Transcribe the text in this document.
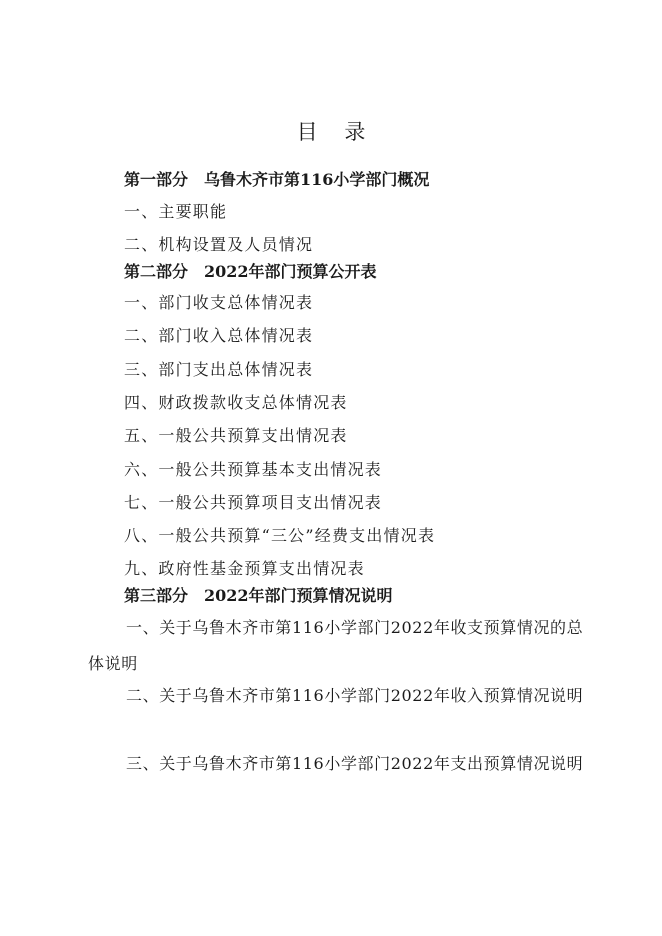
目 录
第一部分　乌鲁木齐市第116小学部门概况
一、主要职能
二、机构设置及人员情况
第二部分　2022年部门预算公开表
一、部门收支总体情况表
二、部门收入总体情况表
三、部门支出总体情况表
四、财政拨款收支总体情况表
五、一般公共预算支出情况表
六、一般公共预算基本支出情况表
七、一般公共预算项目支出情况表
八、一般公共预算“三公”经费支出情况表
九、政府性基金预算支出情况表
第三部分　2022年部门预算情况说明
一、关于乌鲁木齐市第116小学部门2022年收支预算情况的总体说明
二、关于乌鲁木齐市第116小学部门2022年收入预算情况说明
三、关于乌鲁木齐市第116小学部门2022年支出预算情况说明
